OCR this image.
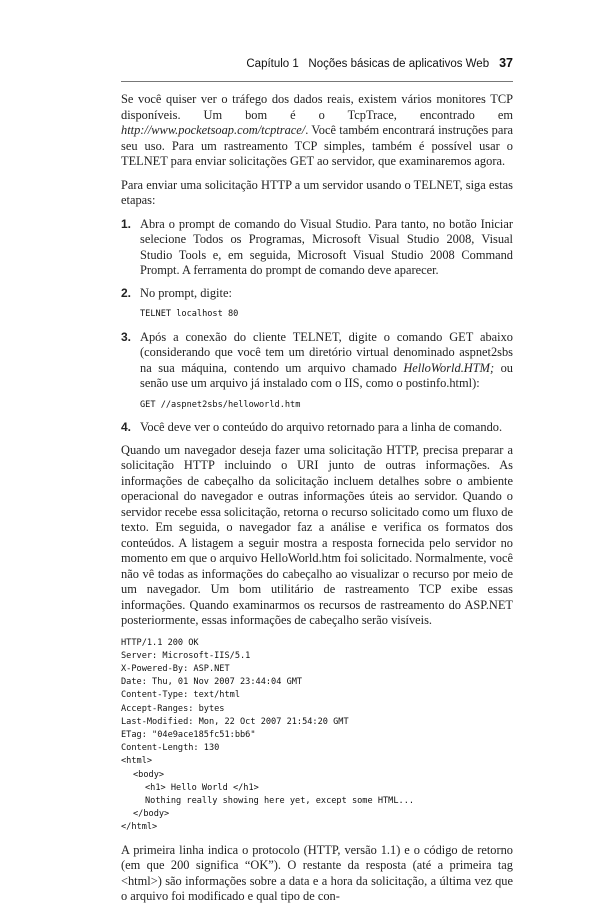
Capítulo 1 Noções básicas de aplicativos Web 37

Se você quiser ver o tráfego dos dados reais, existem vários monitores TCP disponíveis. Um bom é o TcpTrace, encontrado em http://www.pocketsoap.com/tcptrace/. Você também encontrará instruções para seu uso. Para um rastreamento TCP simples, também é possível usar o TELNET para enviar solicitações GET ao servidor, que examinaremos agora.

Para enviar uma solicitação HTTP a um servidor usando o TELNET, siga estas etapas:

1. Abra o prompt de comando do Visual Studio. Para tanto, no botão Iniciar selecione Todos os Programas, Microsoft Visual Studio 2008, Visual Studio Tools e, em seguida, Microsoft Visual Studio 2008 Command Prompt. A ferramenta do prompt de comando deve aparecer.
2. No prompt, digite:
TELNET localhost 80
3. Após a conexão do cliente TELNET, digite o comando GET abaixo (considerando que você tem um diretório virtual denominado aspnet2sbs na sua máquina, contendo um arquivo chamado HelloWorld.HTM; ou senão use um arquivo já instalado com o IIS, como o postinfo.html):
GET //aspnet2sbs/helloworld.htm
4. Você deve ver o conteúdo do arquivo retornado para a linha de comando.

Quando um navegador deseja fazer uma solicitação HTTP, precisa preparar a solicitação HTTP incluindo o URI junto de outras informações. As informações de cabeçalho da solicitação incluem detalhes sobre o ambiente operacional do navegador e outras informações úteis ao servidor. Quando o servidor recebe essa solicitação, retorna o recurso solicitado como um fluxo de texto. Em seguida, o navegador faz a análise e verifica os formatos dos conteúdos. A listagem a seguir mostra a resposta fornecida pelo servidor no momento em que o arquivo HelloWorld.htm foi solicitado. Normalmente, você não vê todas as informações do cabeçalho ao visualizar o recurso por meio de um navegador. Um bom utilitário de rastreamento TCP exibe essas informações. Quando examinarmos os recursos de rastreamento do ASP.NET posteriormente, essas informações de cabeçalho serão visíveis.

HTTP/1.1 200 OK
Server: Microsoft-IIS/5.1
X-Powered-By: ASP.NET
Date: Thu, 01 Nov 2007 23:44:04 GMT
Content-Type: text/html
Accept-Ranges: bytes
Last-Modified: Mon, 22 Oct 2007 21:54:20 GMT
ETag: "04e9ace185fc51:bb6"
Content-Length: 130
<html>
<body>
<h1> Hello World </h1>
Nothing really showing here yet, except some HTML...
</body>
</html>

A primeira linha indica o protocolo (HTTP, versão 1.1) e o código de retorno (em que 200 significa “OK”). O restante da resposta (até a primeira tag <html>) são informações sobre a data e a hora da solicitação, a última vez que o arquivo foi modificado e qual tipo de con-
